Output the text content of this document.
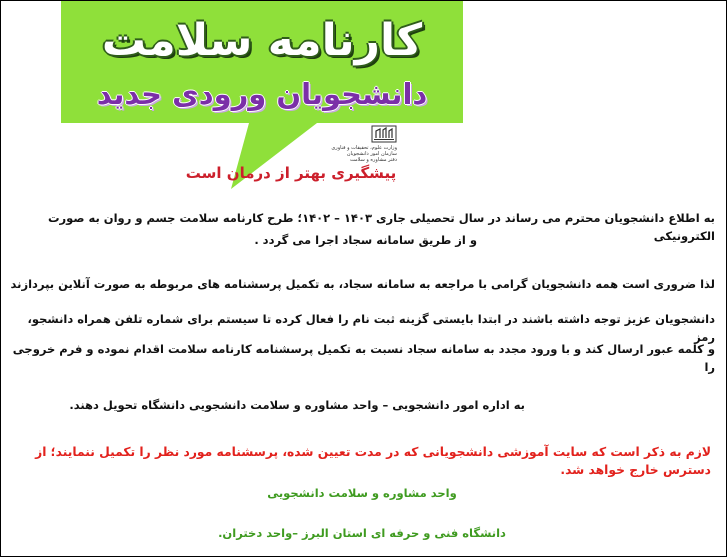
کارنامه سلامت
دانشجویان ورودی جدید
وزارت علوم، تحقیقات و فناوری
سازمان امور دانشجویان
دفتر مشاوره و سلامت
پیشگیری بهتر از درمان است

به اطلاع دانشجویان محترم می رساند در سال تحصیلی جاری ۱۴۰۳ – ۱۴۰۲؛ طرح کارنامه سلامت جسم و روان به صورت الکترونیکی

و از طریق سامانه سجاد اجرا می گردد .

لذا ضروری است همه دانشجویان گرامی با مراجعه به سامانه سجاد، به تکمیل پرسشنامه های مربوطه به صورت آنلاین بپردازند

دانشجویان عزیز توجه داشته باشند در ابتدا بایستی گزینه ثبت نام را فعال کرده تا سیستم برای شماره تلفن همراه دانشجو، رمز

و کلمه عبور ارسال کند و با ورود مجدد به سامانه سجاد نسبت به تکمیل پرسشنامه کارنامه سلامت اقدام نموده و فرم خروجی را

به اداره امور دانشجویی – واحد مشاوره و سلامت دانشجویی دانشگاه تحویل دهند.

لازم به ذکر است که سایت آموزشی دانشجویانی که در مدت تعیین شده، پرسشنامه مورد نظر را تکمیل ننمایند؛ از دسترس خارج خواهد شد.

واحد مشاوره و سلامت دانشجویی

دانشگاه فنی و حرفه ای استان البرز –واحد دختران.
